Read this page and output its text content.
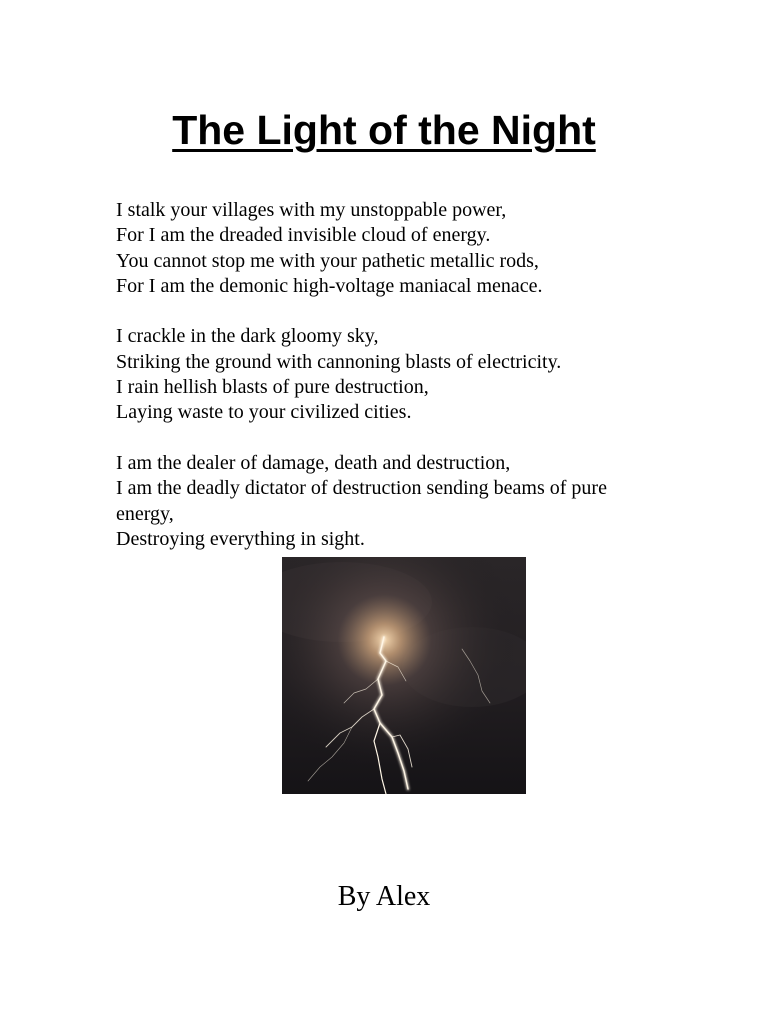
The Light of the Night

I stalk your villages with my unstoppable power,
For I am the dreaded invisible cloud of energy.
You cannot stop me with your pathetic metallic rods,
For I am the demonic high-voltage maniacal menace.

I crackle in the dark gloomy sky,
Striking the ground with cannoning blasts of electricity.
I rain hellish blasts of pure destruction,
Laying waste to your civilized cities.

I am the dealer of damage, death and destruction,
I am the deadly dictator of destruction sending beams of pure energy,
Destroying everything in sight.

By Alex
